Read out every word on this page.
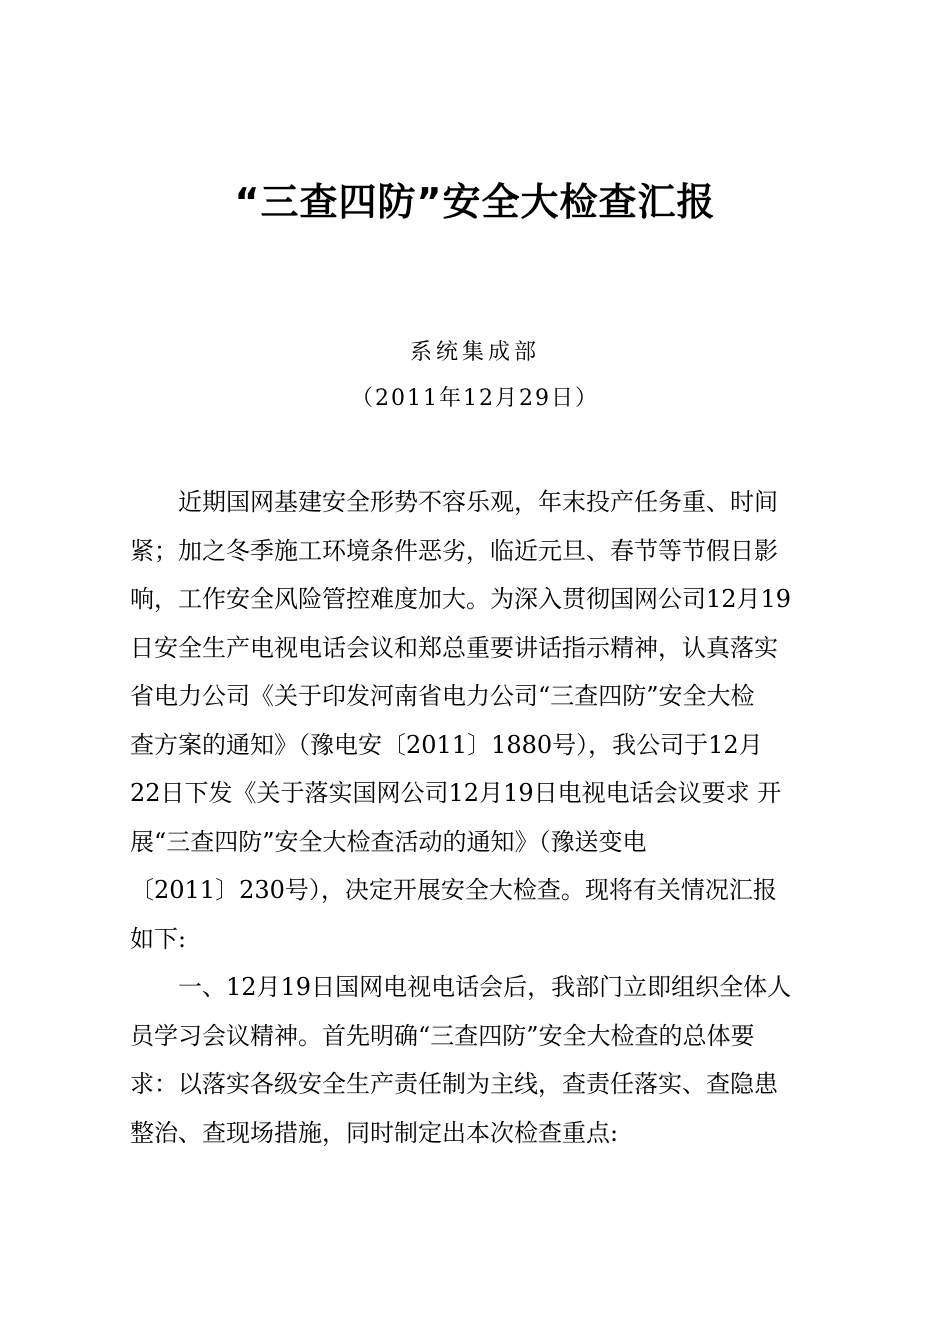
“三查四防”安全大检查汇报
系统集成部
（2011年12月29日）
　　近期国网基建安全形势不容乐观，年末投产任务重、时间
紧；加之冬季施工环境条件恶劣，临近元旦、春节等节假日影
响，工作安全风险管控难度加大。为深入贯彻国网公司12月19
日安全生产电视电话会议和郑总重要讲话指示精神，认真落实
省电力公司《关于印发河南省电力公司“三查四防”安全大检
查方案的通知》（豫电安〔2011〕1880号），我公司于12月
22日下发《关于落实国网公司12月19日电视电话会议要求 开
展“三查四防”安全大检查活动的通知》（豫送变电
〔2011〕230号），决定开展安全大检查。现将有关情况汇报
如下:
　　一、12月19日国网电视电话会后，我部门立即组织全体人
员学习会议精神。首先明确“三查四防”安全大检查的总体要
求：以落实各级安全生产责任制为主线，查责任落实、查隐患
整治、查现场措施，同时制定出本次检查重点:
